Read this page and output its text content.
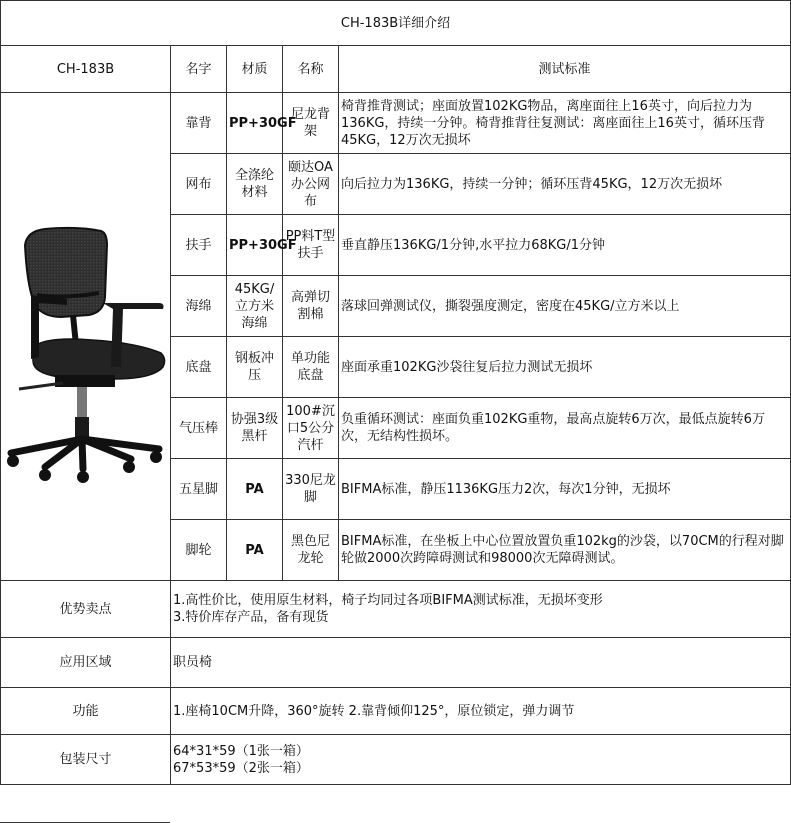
CH-183B详细介绍				
CH-183B	名字	材质	名称	测试标准

	靠背	PP+30GF	尼龙背架	椅背推背测试；座面放置102KG物品，离座面往上16英寸，向后拉力为136KG，持续一分钟。椅背推背往复测试：离座面往上16英寸，循环压背45KG，12万次无损坏
	网布	全涤纶材料	颐达OA办公网布	向后拉力为136KG，持续一分钟；循环压背45KG，12万次无损坏
	扶手	PP+30GF	PP料T型扶手	垂直静压136KG/1分钟,水平拉力68KG/1分钟
	海绵	45KG/立方米海绵	高弹切割棉	落球回弹测试仪，撕裂强度测定，密度在45KG/立方米以上
	底盘	钢板冲压	单功能底盘	座面承重102KG沙袋往复后拉力测试无损坏
	气压棒	协强3级黑杆	100#沉口5公分汽杆	负重循环测试：座面负重102KG重物，最高点旋转6万次，最低点旋转6万次，无结构性损坏。
	五星脚	PA	330尼龙脚	BIFMA标准，静压1136KG压力2次，每次1分钟，无损坏
	脚轮	PA	黑色尼龙轮	BIFMA标准，在坐板上中心位置放置负重102kg的沙袋，以70CM的行程对脚轮做2000次跨障碍测试和98000次无障碍测试。
优势卖点	1.高性价比，使用原生材料，椅子均同过各项BIFMA测试标准，无损坏变形
3.特价库存产品，备有现货			

应用区域	职员椅			
功能	1.座椅10CM升降，360°旋转 2.靠背倾仰125°，原位锁定，弹力调节			
包装尺寸	64*31*59（1张一箱）
67*53*59（2张一箱）			
